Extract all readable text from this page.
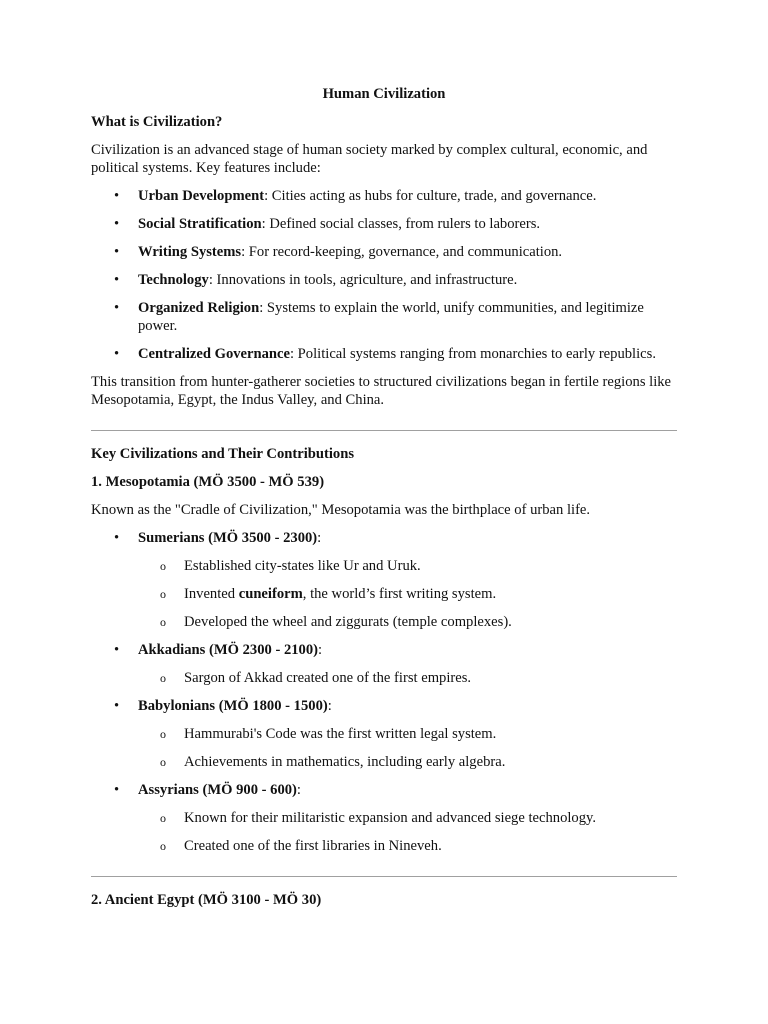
Human Civilization
What is Civilization?

Civilization is an advanced stage of human society marked by complex cultural, economic, and political systems. Key features include:

• Urban Development: Cities acting as hubs for culture, trade, and governance.
• Social Stratification: Defined social classes, from rulers to laborers.
• Writing Systems: For record-keeping, governance, and communication.
• Technology: Innovations in tools, agriculture, and infrastructure.
• Organized Religion: Systems to explain the world, unify communities, and legitimize power.
• Centralized Governance: Political systems ranging from monarchies to early republics.

This transition from hunter-gatherer societies to structured civilizations began in fertile regions like Mesopotamia, Egypt, the Indus Valley, and China.

Key Civilizations and Their Contributions
1. Mesopotamia (MÖ 3500 - MÖ 539)

Known as the "Cradle of Civilization," Mesopotamia was the birthplace of urban life.

• Sumerians (MÖ 3500 - 2300):
o Established city-states like Ur and Uruk.
o Invented cuneiform, the world’s first writing system.
o Developed the wheel and ziggurats (temple complexes).
• Akkadians (MÖ 2300 - 2100):
o Sargon of Akkad created one of the first empires.
• Babylonians (MÖ 1800 - 1500):
o Hammurabi's Code was the first written legal system.
o Achievements in mathematics, including early algebra.
• Assyrians (MÖ 900 - 600):
o Known for their militaristic expansion and advanced siege technology.
o Created one of the first libraries in Nineveh.
2. Ancient Egypt (MÖ 3100 - MÖ 30)
